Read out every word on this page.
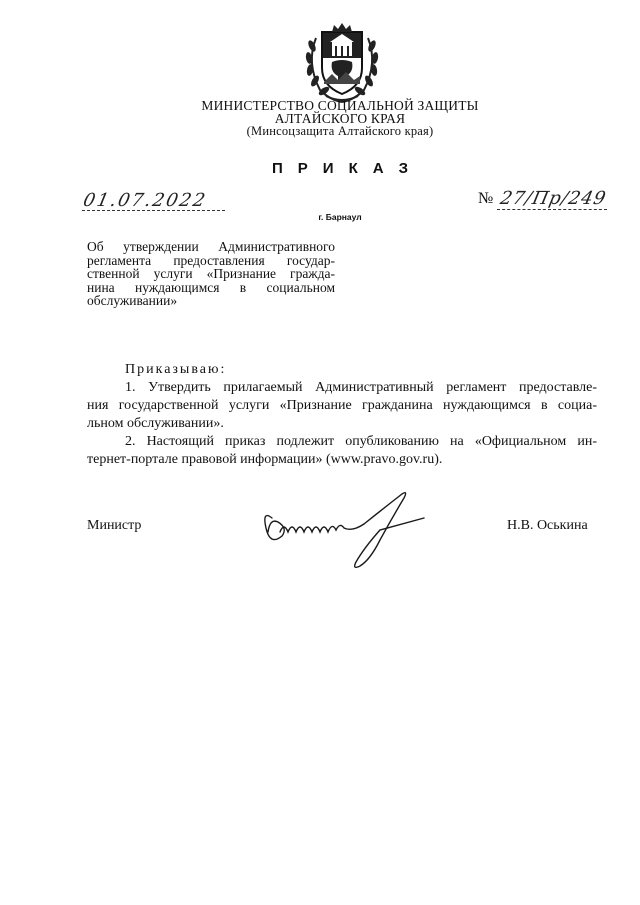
МИНИСТЕРСТВО СОЦИАЛЬНОЙ ЗАЩИТЫ
АЛТАЙСКОГО КРАЯ
(Минсоцзащита Алтайского края)
ПРИКАЗ
01.07.2022	№ 27/Пр/249
г. Барнаул
Об утверждении Административного
регламента предоставления государ-
ственной услуги «Признание гражда-
нина нуждающимся в социальном
обслуживании»
Приказываю:
1. Утвердить прилагаемый Административный регламент предоставле-
ния государственной услуги «Признание гражданина нуждающимся в социа-
льном обслуживании».
2. Настоящий приказ подлежит опубликованию на «Официальном ин-
тернет-портале правовой информации» (www.pravo.gov.ru).
Министр	Н.В. Оськина
